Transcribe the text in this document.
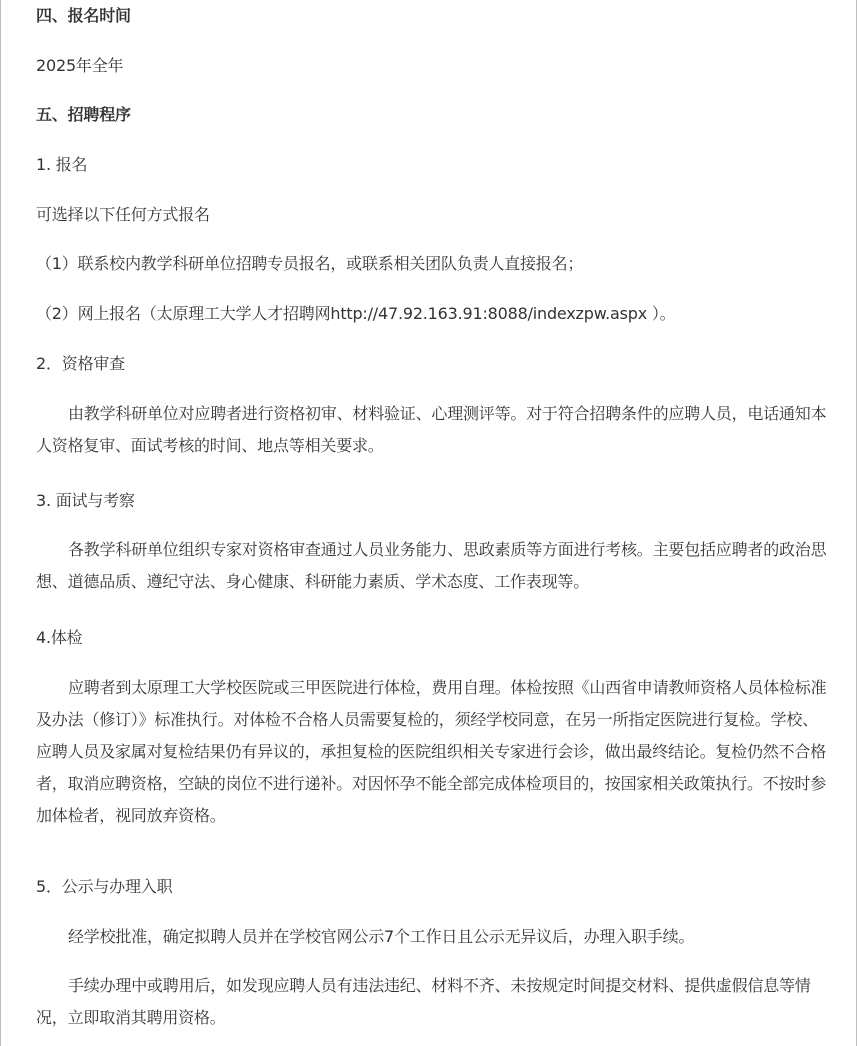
四、报名时间

2025年全年

五、招聘程序

1. 报名

可选择以下任何方式报名

（1）联系校内教学科研单位招聘专员报名，或联系相关团队负责人直接报名；

（2）网上报名（太原理工大学人才招聘网http://47.92.163.91:8088/indexzpw.aspx ）。

2．资格审查

由教学科研单位对应聘者进行资格初审、材料验证、心理测评等。对于符合招聘条件的应聘人员，电话通知本人资格复审、面试考核的时间、地点等相关要求。

3. 面试与考察

各教学科研单位组织专家对资格审查通过人员业务能力、思政素质等方面进行考核。主要包括应聘者的政治思想、道德品质、遵纪守法、身心健康、科研能力素质、学术态度、工作表现等。

4.体检

应聘者到太原理工大学校医院或三甲医院进行体检，费用自理。体检按照《山西省申请教师资格人员体检标准及办法（修订）》标准执行。对体检不合格人员需要复检的，须经学校同意，在另一所指定医院进行复检。学校、应聘人员及家属对复检结果仍有异议的，承担复检的医院组织相关专家进行会诊，做出最终结论。复检仍然不合格者，取消应聘资格，空缺的岗位不进行递补。对因怀孕不能全部完成体检项目的，按国家相关政策执行。不按时参加体检者，视同放弃资格。

5．公示与办理入职

经学校批准，确定拟聘人员并在学校官网公示7个工作日且公示无异议后，办理入职手续。

手续办理中或聘用后，如发现应聘人员有违法违纪、材料不齐、未按规定时间提交材料、提供虚假信息等情况，立即取消其聘用资格。
